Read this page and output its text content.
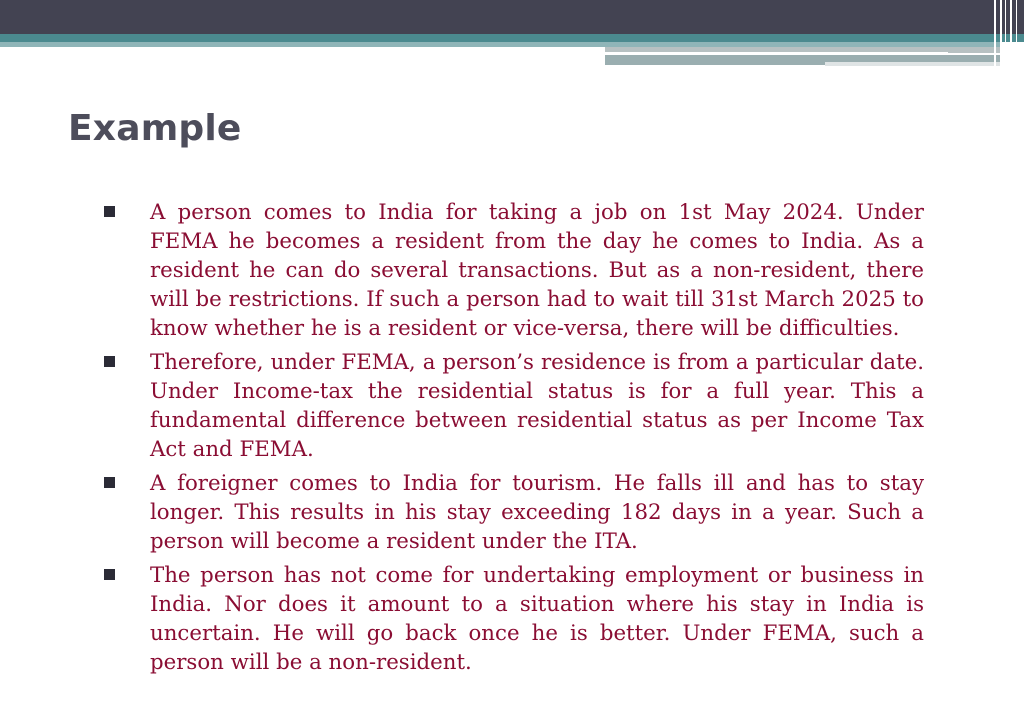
Example
A person comes to India for taking a job on 1st May 2024. Under FEMA he becomes a resident from the day he comes to India. As a resident he can do several transactions. But as a non-resident, there will be restrictions. If such a person had to wait till 31st March 2025 to know whether he is a resident or vice-versa, there will be difficulties.
Therefore, under FEMA, a person’s residence is from a particular date. Under Income-tax the residential status is for a full year. This a fundamental difference between residential status as per Income Tax Act and FEMA.
A foreigner comes to India for tourism. He falls ill and has to stay longer. This results in his stay exceeding 182 days in a year. Such a person will become a resident under the ITA.
The person has not come for undertaking employment or business in India. Nor does it amount to a situation where his stay in India is uncertain. He will go back once he is better. Under FEMA, such a person will be a non-resident.
